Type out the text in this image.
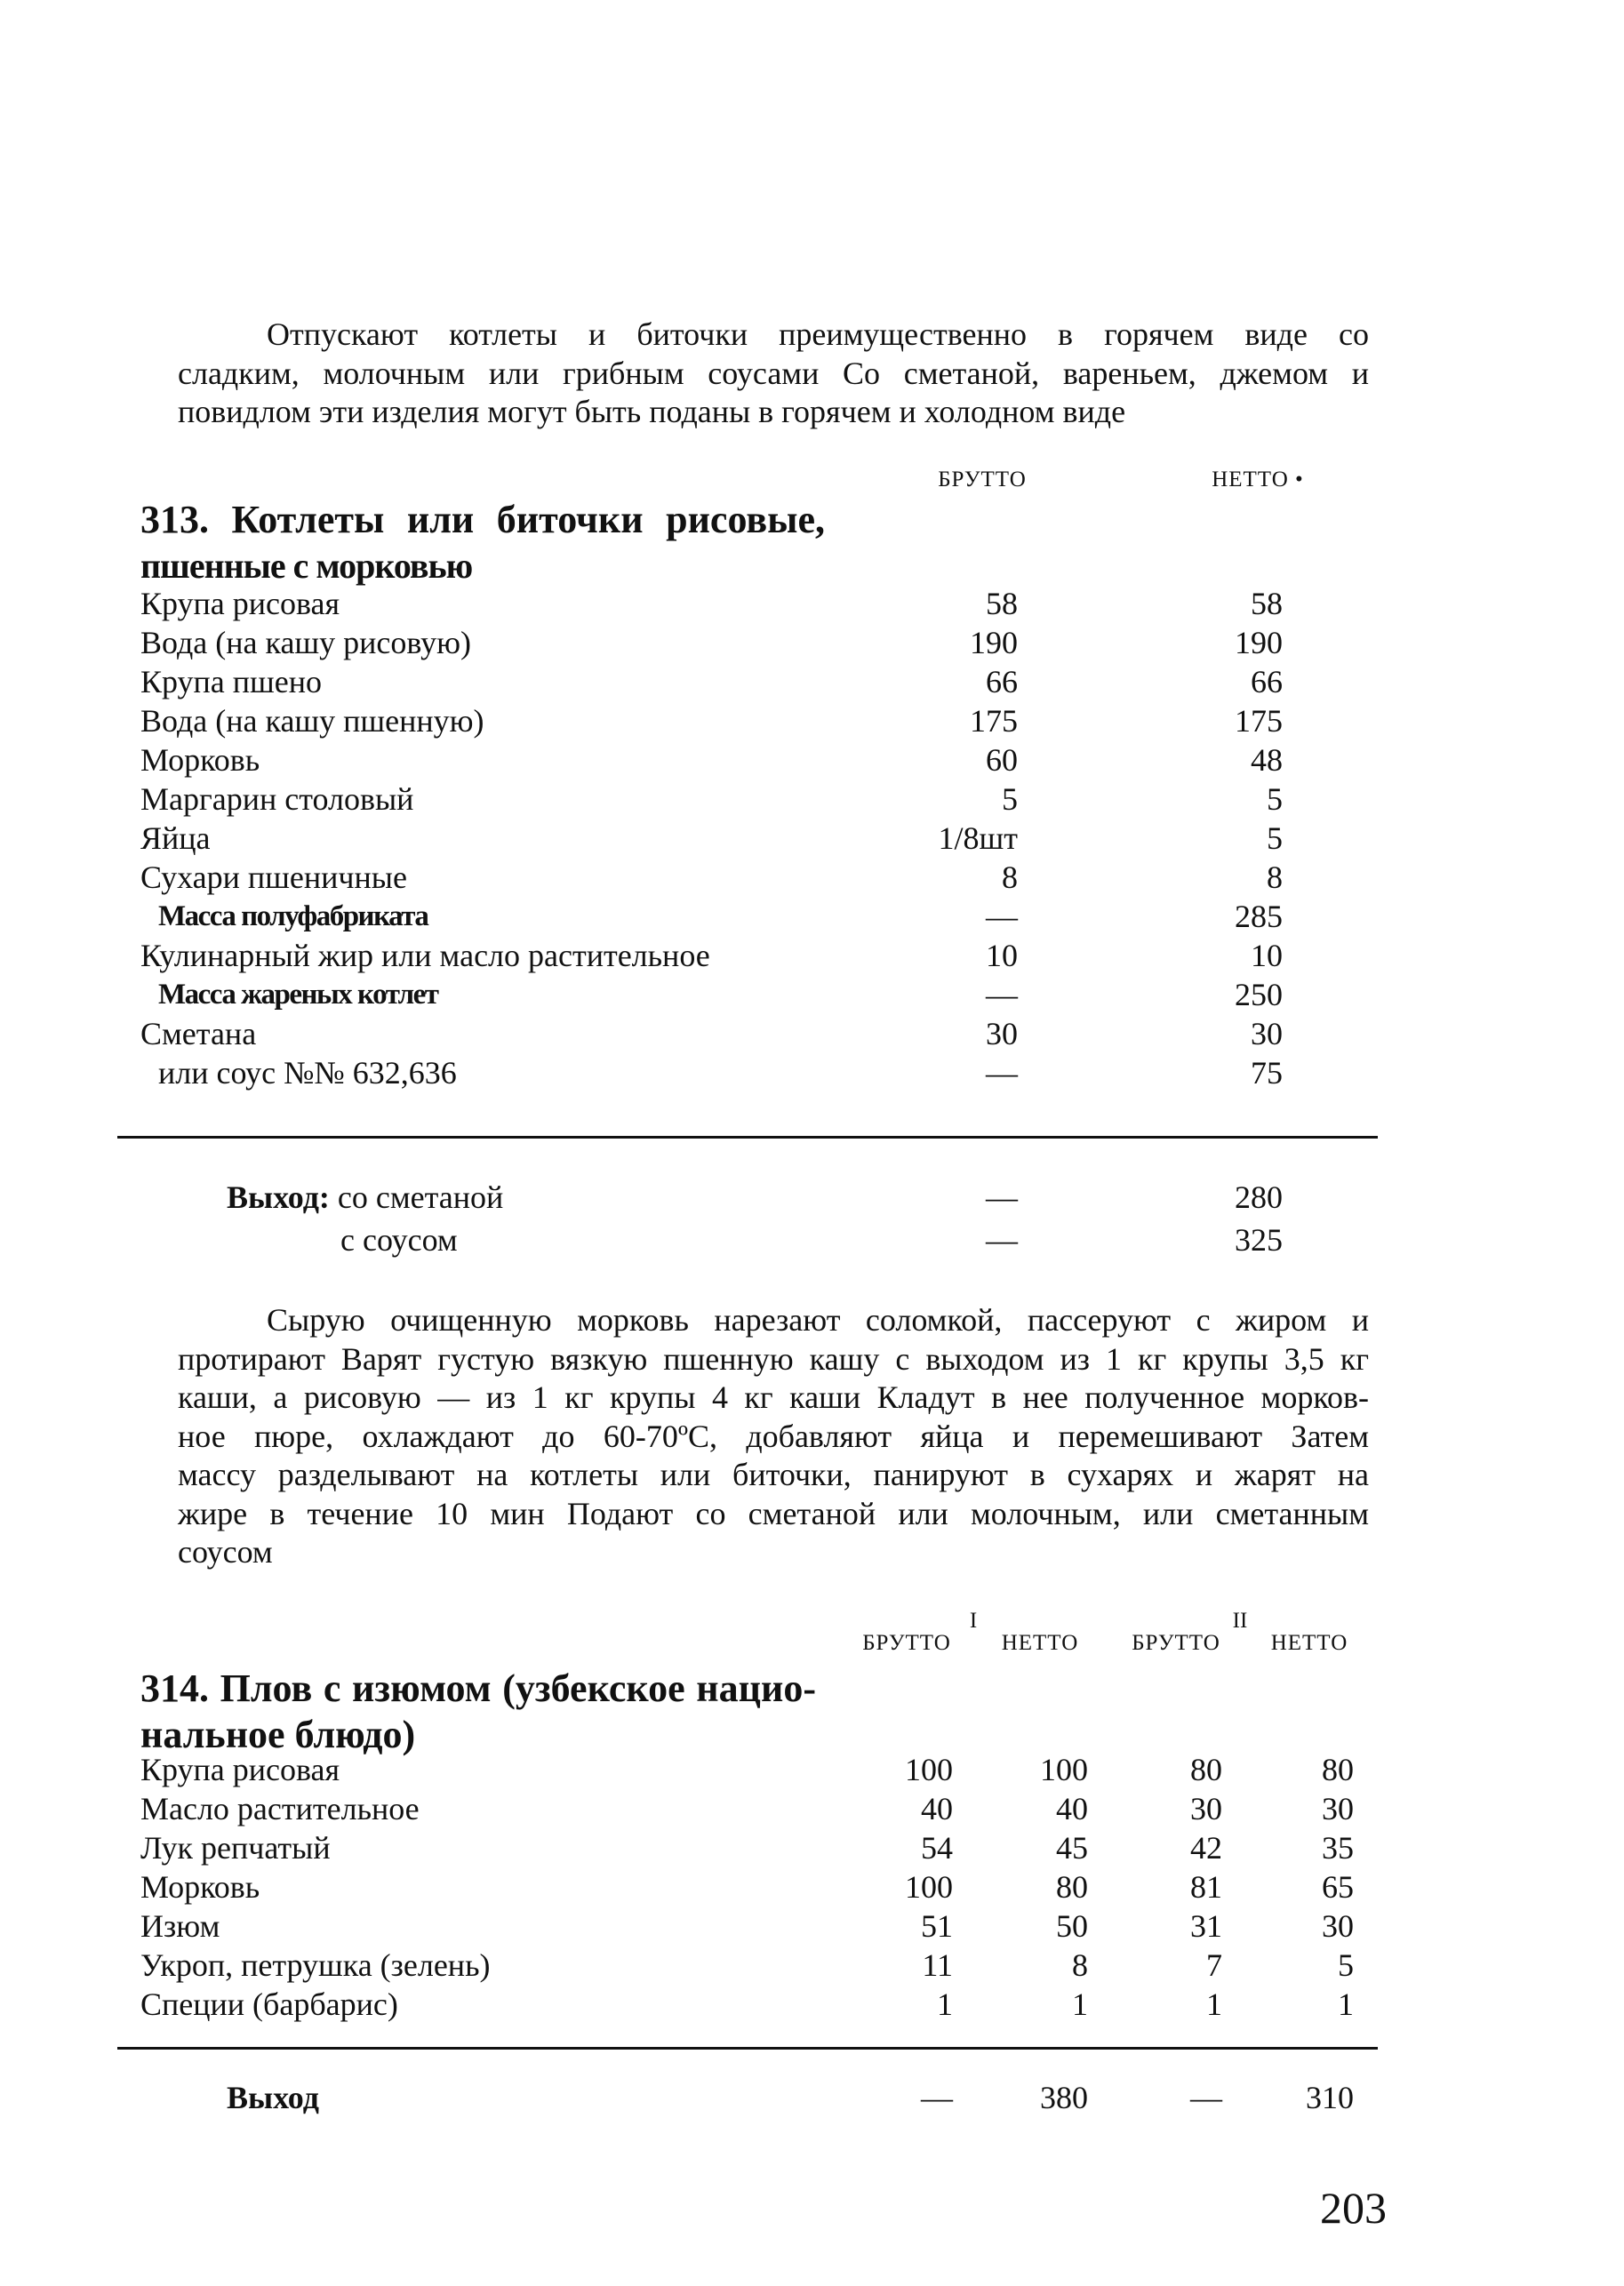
Отпускают котлеты и биточки преимущественно в горячем виде со
сладким, молочным или грибным соусами Со сметаной, вареньем, джемом и
повидлом эти изделия могут быть поданы в горячем и холодном виде
БРУТТО	НЕТТО •
313. Котлеты или биточки рисовые,
пшенные с морковью
Крупа рисовая	58	58
Вода (на кашу рисовую)	190	190
Крупа пшено	66	66
Вода (на кашу пшенную)	175	175
Морковь	60	48
Маргарин столовый	5	5
Яйца	1/8шт	5
Сухари пшеничные	8	8
Масса полуфабриката	—	285
Кулинарный жир или масло растительное	10	10
Масса жареных котлет	—	250
Сметана	30	30
или соус №№ 632,636	—	75
Выход: со сметаной	—	280
с соусом	—	325
Сырую очищенную морковь нарезают соломкой, пассеруют с жиром и
протирают Варят густую вязкую пшенную кашу с выходом из 1 кг крупы 3,5 кг
каши, а рисовую — из 1 кг крупы 4 кг каши Кладут в нее полученное морков-
ное пюре, охлаждают до 60-70ºС, добавляют яйца и перемешивают Затем
массу разделывают на котлеты или биточки, панируют в сухарях и жарят на
жире в течение 10 мин Подают со сметаной или молочным, или сметанным
соусом
I	II
БРУТТО	НЕТТО	БРУТТО	НЕТТО
314. Плов с изюмом (узбекское нацио-
нальное блюдо)
Крупа рисовая	100	100	80	80
Масло растительное	40	40	30	30
Лук репчатый	54	45	42	35
Морковь	100	80	81	65
Изюм	51	50	31	30
Укроп, петрушка (зелень)	11	8	7	5
Специи (барбарис)	1	1	1	1
Выход	—	380	—	310
203
